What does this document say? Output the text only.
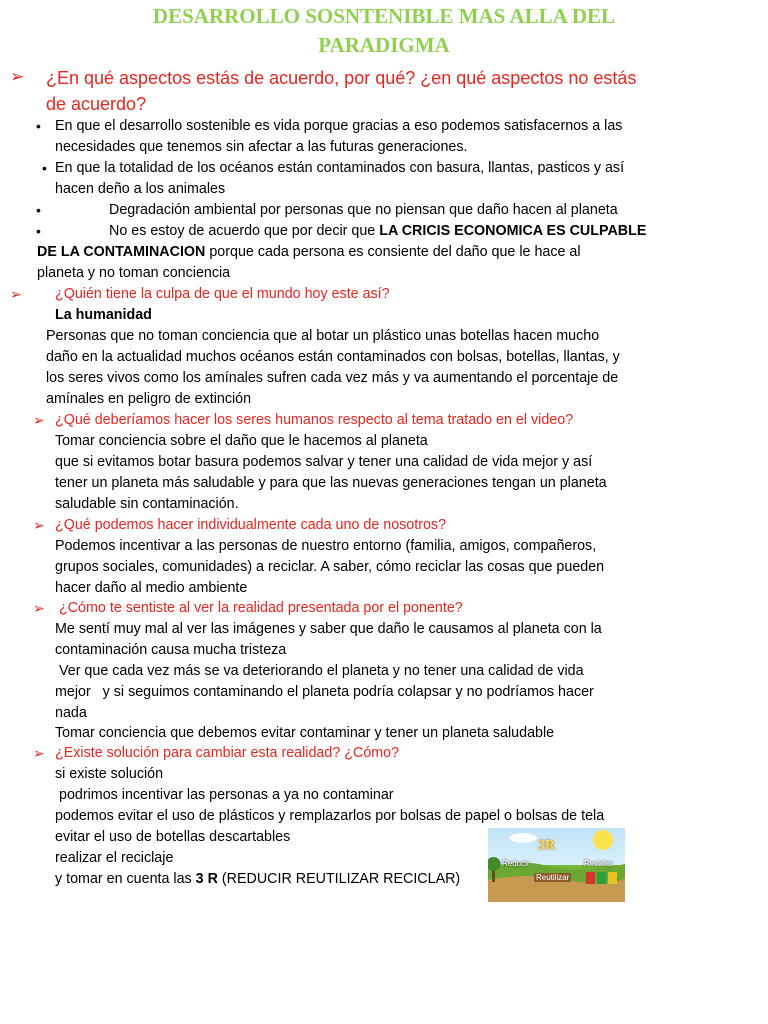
DESARROLLO SOSNTENIBLE MAS ALLA DEL
PARADIGMA
➢ ¿En qué aspectos estás de acuerdo, por qué? ¿en qué aspectos no estás
de acuerdo?
• En que el desarrollo sostenible es vida porque gracias a eso podemos satisfacernos a las
necesidades que tenemos sin afectar a las futuras generaciones.
• En que la totalidad de los océanos están contaminados con basura, llantas, pasticos y así
hacen deño a los animales
•	Degradación ambiental por personas que no piensan que daño hacen al planeta
•	No es estoy de acuerdo que por decir que LA CRICIS ECONOMICA ES CULPABLE
DE LA CONTAMINACION porque cada persona es consiente del daño que le hace al
planeta y no toman conciencia
➢ ¿Quién tiene la culpa de que el mundo hoy este así?
La humanidad
Personas que no toman conciencia que al botar un plástico unas botellas hacen mucho
daño en la actualidad muchos océanos están contaminados con bolsas, botellas, llantas, y
los seres vivos como los amínales sufren cada vez más y va aumentando el porcentaje de
amínales en peligro de extinción
➢ ¿Qué deberíamos hacer los seres humanos respecto al tema tratado en el video?
Tomar conciencia sobre el daño que le hacemos al planeta
que si evitamos botar basura podemos salvar y tener una calidad de vida mejor y así
tener un planeta más saludable y para que las nuevas generaciones tengan un planeta
saludable sin contaminación.
➢ ¿Qué podemos hacer individualmente cada uno de nosotros?
Podemos incentivar a las personas de nuestro entorno (familia, amigos, compañeros,
grupos sociales, comunidades) a reciclar. A saber, cómo reciclar las cosas que pueden
hacer daño al medio ambiente
➢ ¿Cómo te sentiste al ver la realidad presentada por el ponente?
Me sentí muy mal al ver las imágenes y saber que daño le causamos al planeta con la
contaminación causa mucha tristeza
Ver que cada vez más se va deteriorando el planeta y no tener una calidad de vida
mejor   y si seguimos contaminando el planeta podría colapsar y no podríamos hacer
nada
Tomar conciencia que debemos evitar contaminar y tener un planeta saludable
➢ ¿Existe solución para cambiar esta realidad? ¿Cómo?
si existe solución
podrimos incentivar las personas a ya no contaminar
podemos evitar el uso de plásticos y remplazarlos por bolsas de papel o bolsas de tela
evitar el uso de botellas descartables
realizar el reciclaje
y tomar en cuenta las 3 R (REDUCIR REUTILIZAR RECICLAR)
3R
Reducir
Reutilizar
Reciclar
